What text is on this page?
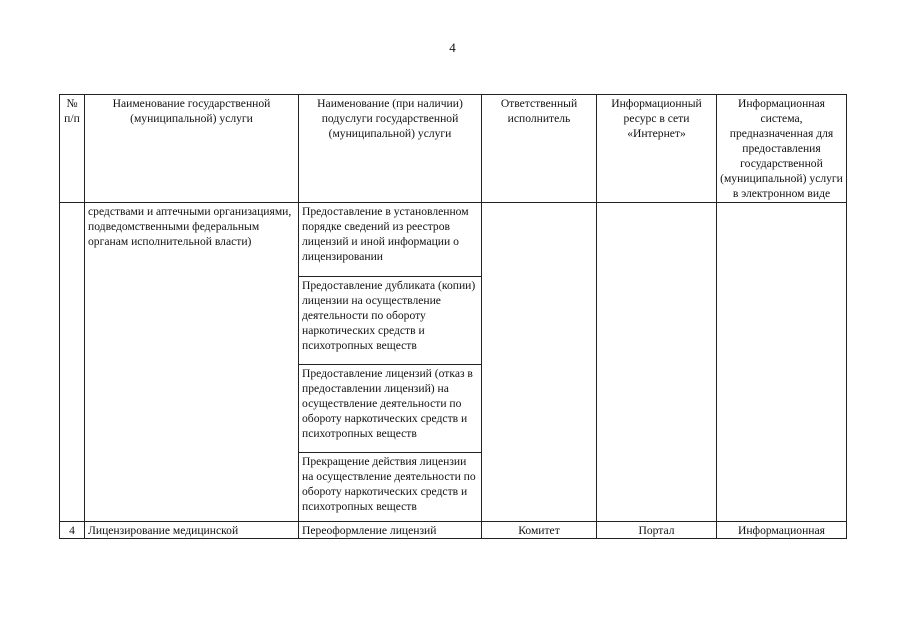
4
№ п/п	Наименование государственной (муниципальной) услуги	Наименование (при наличии) подуслуги государственной (муниципальной) услуги	Ответственный исполнитель	Информационный ресурс в сети «Интернет»	Информационная система, предназначенная для предоставления государственной (муниципальной) услуги в электронном виде
	средствами и аптечными организациями, подведомственными федеральным органам исполнительной власти)	Предоставление в установленном порядке сведений из реестров лицензий и иной информации о лицензировании			
		Предоставление дубликата (копии) лицензии на осуществление деятельности по обороту наркотических средств и психотропных веществ			
		Предоставление лицензий (отказ в предоставлении лицензий) на осуществление деятельности по обороту наркотических средств и психотропных веществ			
		Прекращение действия лицензии на осуществление деятельности по обороту наркотических средств и психотропных веществ			
4	Лицензирование медицинской	Переоформление лицензий	Комитет	Портал	Информационная
